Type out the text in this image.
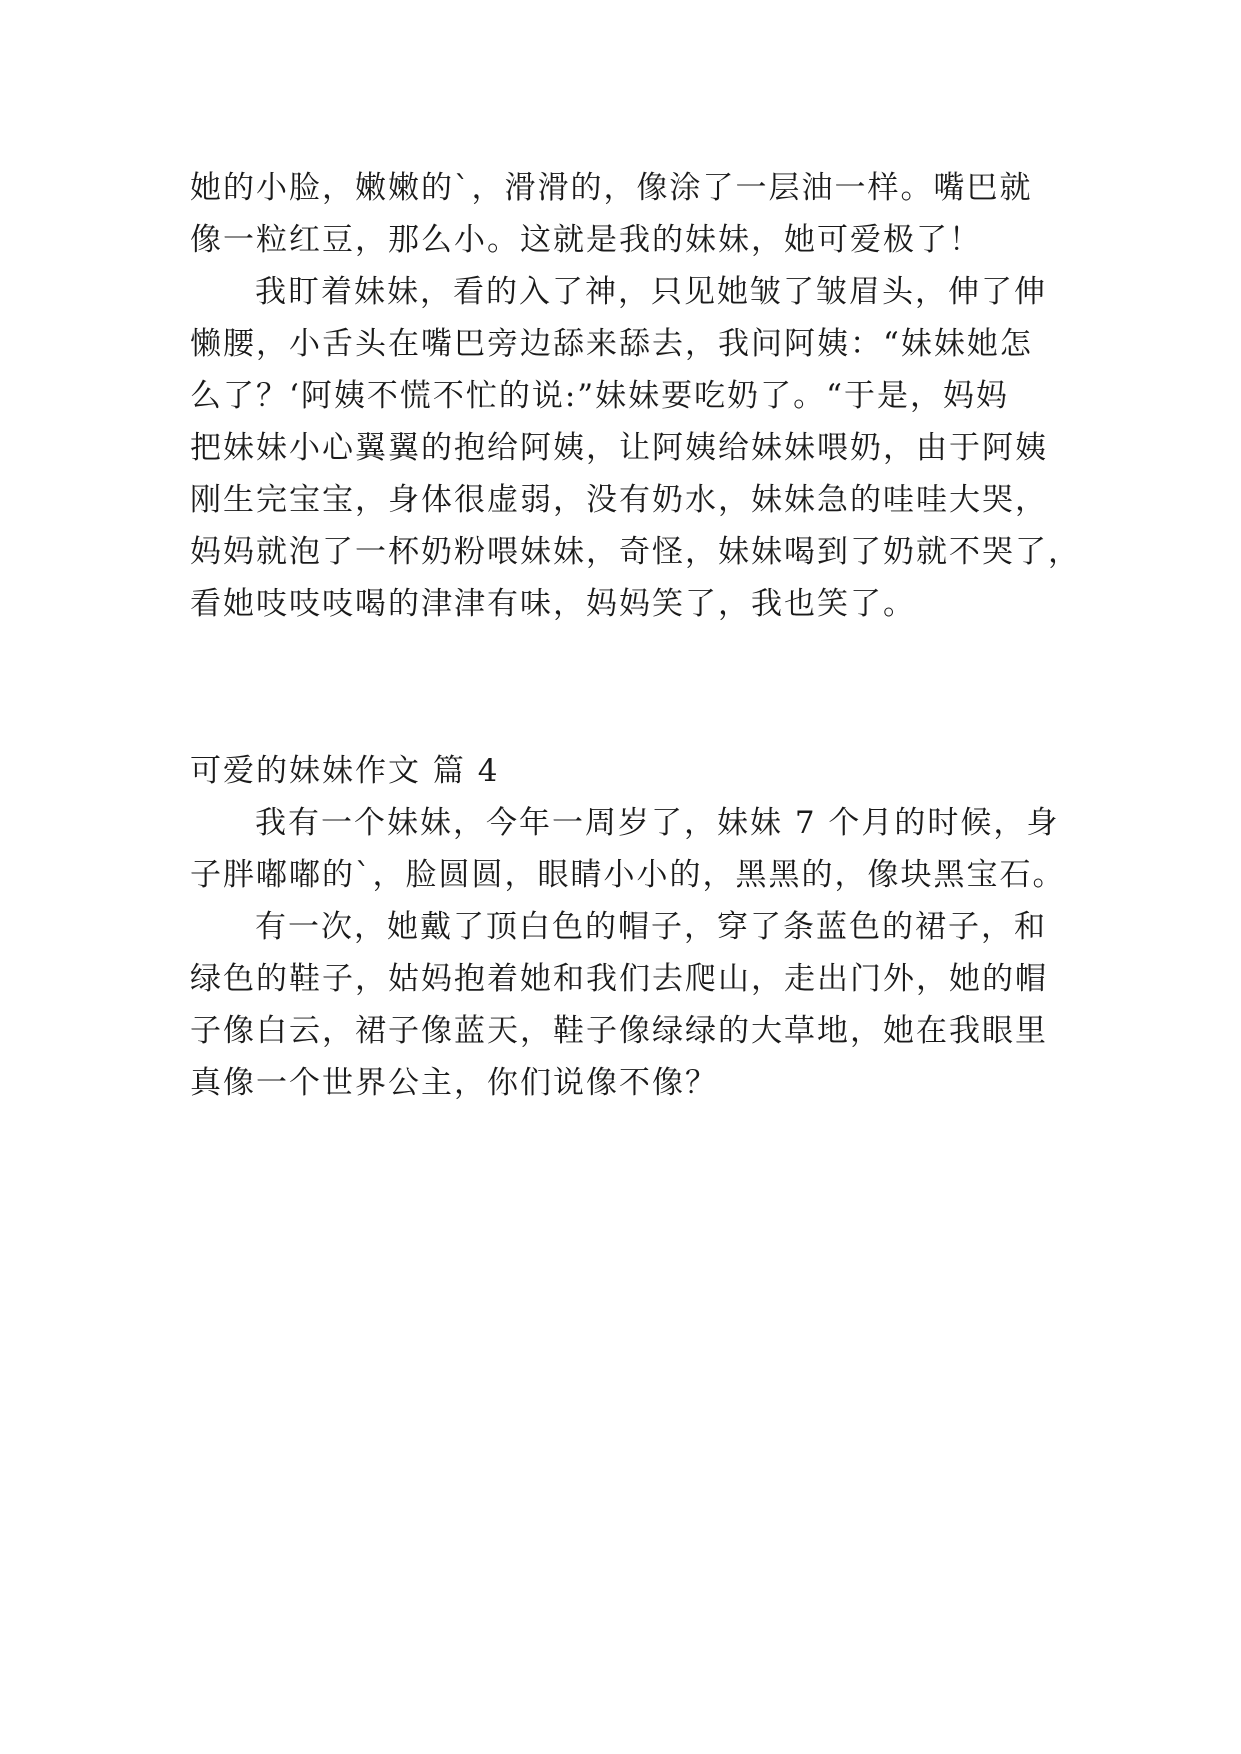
她的小脸，嫩嫩的`，滑滑的，像涂了一层油一样。嘴巴就
像一粒红豆，那么小。这就是我的妹妹，她可爱极了！
我盯着妹妹，看的入了神，只见她皱了皱眉头，伸了伸
懒腰，小舌头在嘴巴旁边舔来舔去，我问阿姨：“妹妹她怎
么了？‘阿姨不慌不忙的说:”妹妹要吃奶了。“于是，妈妈
把妹妹小心翼翼的抱给阿姨，让阿姨给妹妹喂奶，由于阿姨
刚生完宝宝，身体很虚弱，没有奶水，妹妹急的哇哇大哭，
妈妈就泡了一杯奶粉喂妹妹，奇怪，妹妹喝到了奶就不哭了，
看她吱吱吱喝的津津有味，妈妈笑了，我也笑了。
可爱的妹妹作文 篇 4
我有一个妹妹，今年一周岁了，妹妹 7 个月的时候，身
子胖嘟嘟的`，脸圆圆，眼睛小小的，黑黑的，像块黑宝石。
有一次，她戴了顶白色的帽子，穿了条蓝色的裙子，和
绿色的鞋子，姑妈抱着她和我们去爬山，走出门外，她的帽
子像白云，裙子像蓝天，鞋子像绿绿的大草地，她在我眼里
真像一个世界公主，你们说像不像？
